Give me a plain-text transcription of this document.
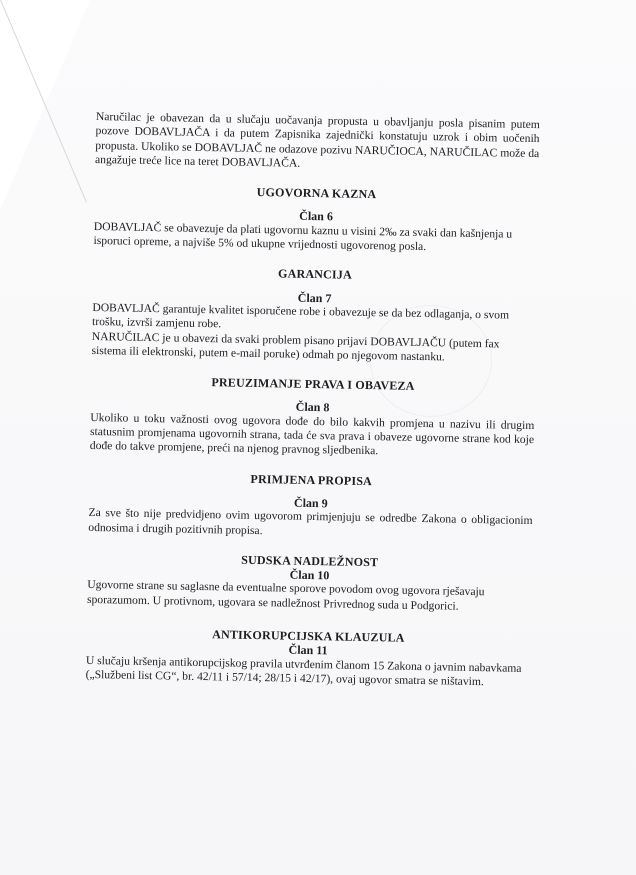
Naručilac je obavezan da u slučaju uočavanja propusta u obavljanju posla pisanim putem pozove DOBAVLJAČA i da putem Zapisnika zajednički konstatuju uzrok i obim uočenih propusta. Ukoliko se DOBAVLJAČ ne odazove pozivu NARUČIOCA, NARUČILAC može da angažuje treće lice na teret DOBAVLJAČA.

UGOVORNA KAZNA

Član 6

DOBAVLJAČ se obavezuje da plati ugovornu kaznu u visini 2‰ za svaki dan kašnjenja u isporuci opreme, a najviše 5% od ukupne vrijednosti ugovorenog posla.

GARANCIJA

Član 7

DOBAVLJAČ garantuje kvalitet isporučene robe i obavezuje se da bez odlaganja, o svom trošku, izvrši zamjenu robe.

NARUČILAC je u obavezi da svaki problem pisano prijavi DOBAVLJAČU (putem fax sistema ili elektronski, putem e-mail poruke) odmah po njegovom nastanku.

PREUZIMANJE PRAVA I OBAVEZA

Član 8

Ukoliko u toku važnosti ovog ugovora dođe do bilo kakvih promjena u nazivu ili drugim statusnim promjenama ugovornih strana, tada će sva prava i obaveze ugovorne strane kod koje dođe do takve promjene, preći na njenog pravnog sljedbenika.

PRIMJENA PROPISA

Član 9

Za sve što nije predvidjeno ovim ugovorom primjenjuju se odredbe Zakona o obligacionim odnosima i drugih pozitivnih propisa.

SUDSKA NADLEŽNOST

Član 10

Ugovorne strane su saglasne da eventualne sporove povodom ovog ugovora rješavaju sporazumom. U protivnom, ugovara se nadležnost Privrednog suda u Podgorici.

ANTIKORUPCIJSKA KLAUZULA

Član 11

U slučaju kršenja antikorupcijskog pravila utvrđenim članom 15 Zakona o javnim nabavkama („Službeni list CG“, br. 42/11 i 57/14; 28/15 i 42/17), ovaj ugovor smatra se ništavim.
